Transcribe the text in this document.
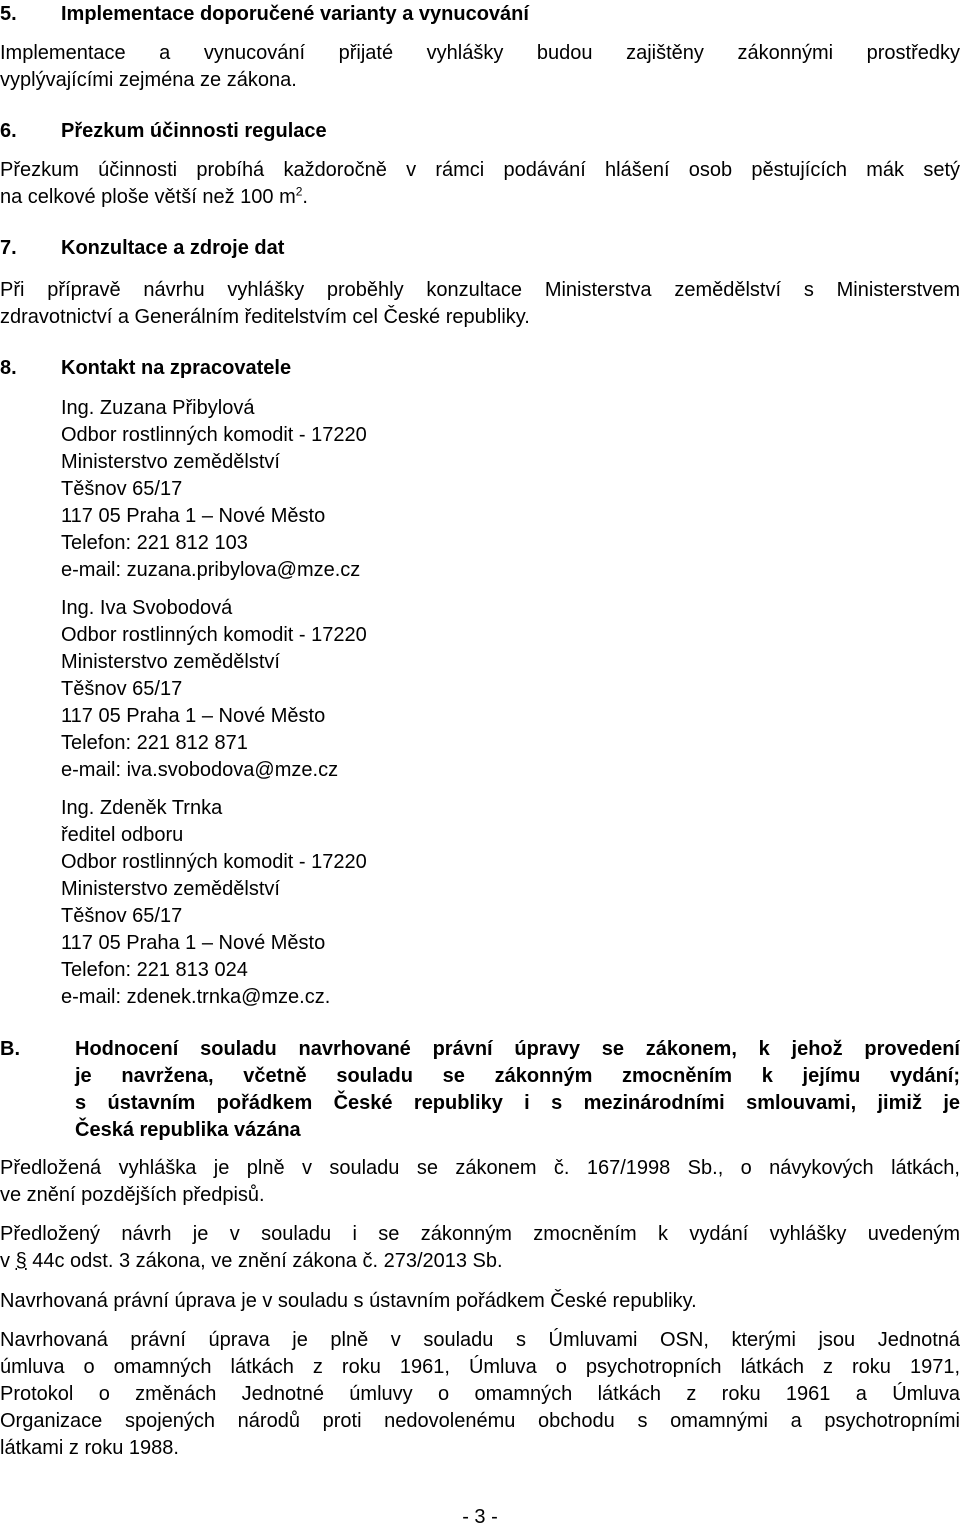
5. Implementace doporučené varianty a vynucování
Implementace a vynucování přijaté vyhlášky budou zajištěny zákonnými prostředky
vyplývajícími zejména ze zákona.
6. Přezkum účinnosti regulace
Přezkum účinnosti probíhá každoročně v rámci podávání hlášení osob pěstujících mák setý
na celkové ploše větší než 100 $m^2$.
7. Konzultace a zdroje dat
Při přípravě návrhu vyhlášky proběhly konzultace Ministerstva zemědělství s Ministerstvem
zdravotnictví a Generálním ředitelstvím cel České republiky.
8. Kontakt na zpracovatele
Ing. Zuzana Přibylová
Odbor rostlinných komodit - 17220
Ministerstvo zemědělství
Těšnov 65/17
117 05 Praha 1 – Nové Město
Telefon: 221 812 103
e-mail: zuzana.pribylova@mze.cz
Ing. Iva Svobodová
Odbor rostlinných komodit - 17220
Ministerstvo zemědělství
Těšnov 65/17
117 05 Praha 1 – Nové Město
Telefon: 221 812 871
e-mail: iva.svobodova@mze.cz
Ing. Zdeněk Trnka
ředitel odboru
Odbor rostlinných komodit - 17220
Ministerstvo zemědělství
Těšnov 65/17
117 05 Praha 1 – Nové Město
Telefon: 221 813 024
e-mail: zdenek.trnka@mze.cz.
B.	Hodnocení souladu navrhované právní úpravy se zákonem, k jehož provedení
je navržena, včetně souladu se zákonným zmocněním k jejímu vydání;
s ústavním pořádkem České republiky i s mezinárodními smlouvami, jimiž je
Česká republika vázána
Předložená vyhláška je plně v souladu se zákonem č. 167/1998 Sb., o návykových látkách,
ve znění pozdějších předpisů.
Předložený návrh je v souladu i se zákonným zmocněním k vydání vyhlášky uvedeným
v § 44c odst. 3 zákona, ve znění zákona č. 273/2013 Sb.
Navrhovaná právní úprava je v souladu s ústavním pořádkem České republiky.
Navrhovaná právní úprava je plně v souladu s Úmluvami OSN, kterými jsou Jednotná
úmluva o omamných látkách z roku 1961, Úmluva o psychotropních látkách z roku 1971,
Protokol o změnách Jednotné úmluvy o omamných látkách z roku 1961 a Úmluva
Organizace spojených národů proti nedovolenému obchodu s omamnými a psychotropními
látkami z roku 1988.
- 3 -
